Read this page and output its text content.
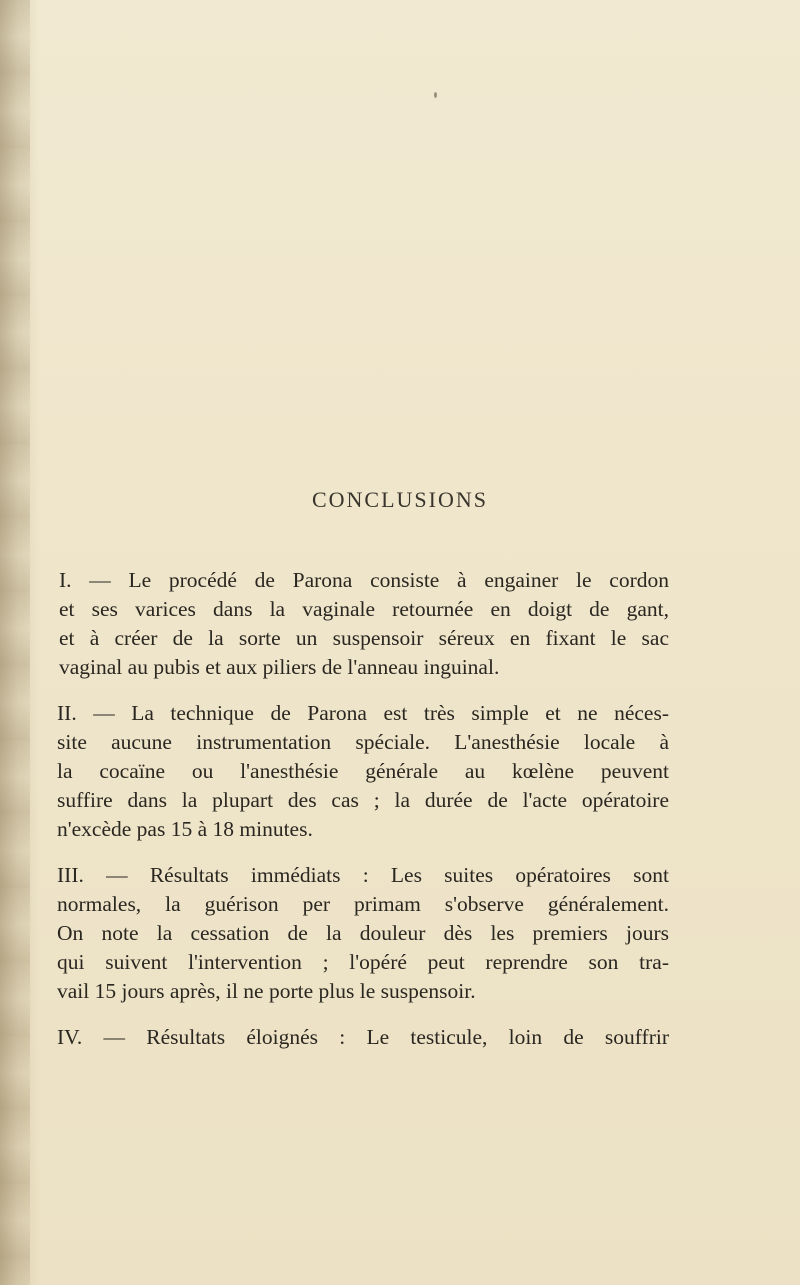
CONCLUSIONS

I. — Le procédé de Parona consiste à engainer le cordon
et ses varices dans la vaginale retournée en doigt de gant,
et à créer de la sorte un suspensoir séreux en fixant le sac
vaginal au pubis et aux piliers de l'anneau inguinal.

II. — La technique de Parona est très simple et ne néces-
site aucune instrumentation spéciale. L'anesthésie locale à
la cocaïne ou l'anesthésie générale au kœlène peuvent
suffire dans la plupart des cas ; la durée de l'acte opératoire
n'excède pas 15 à 18 minutes.

III. — Résultats immédiats : Les suites opératoires sont
normales, la guérison per primam s'observe généralement.
On note la cessation de la douleur dès les premiers jours
qui suivent l'intervention ; l'opéré peut reprendre son tra-
vail 15 jours après, il ne porte plus le suspensoir.

IV. — Résultats éloignés : Le testicule, loin de souffrir
